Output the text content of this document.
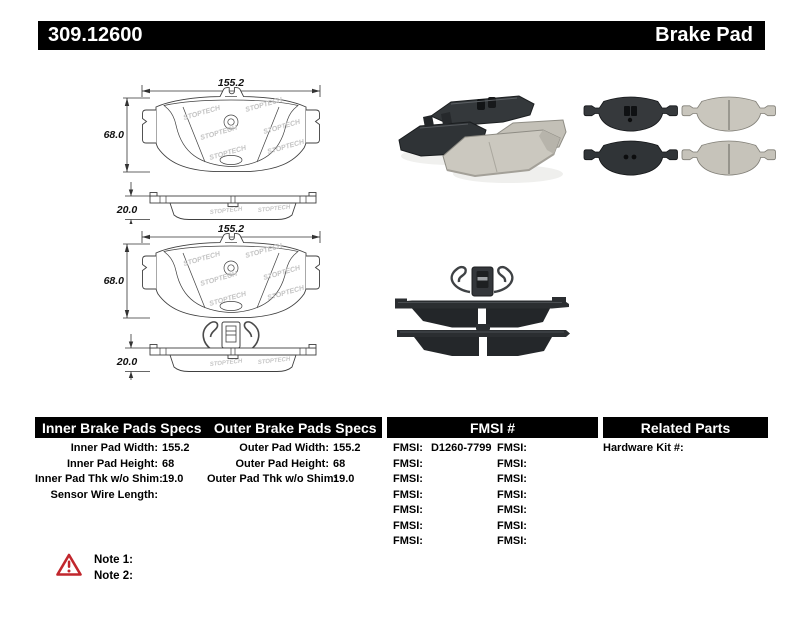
309.12600	Brake Pad
155.2
68.0
STOPTECH	STOPTECH
STOPTECH	STOPTECH
STOPTECH	STOPTECH
STOPTECH STOPTECH
20.0
155.2
68.0
STOPTECH	STOPTECH
STOPTECH	STOPTECH
STOPTECH	STOPTECH
STOPTECH STOPTECH
20.0
Inner Brake Pads Specs Outer Brake Pads Specs	FMSI #	Related Parts
Inner Pad Width: 155.2
Inner Pad Height: 68
Inner Pad Thk w/o Shim: 19.0
Sensor Wire Length:
Outer Pad Width: 155.2
Outer Pad Height: 68
Outer Pad Thk w/o Shim:
19.0
FMSI: D1260-7799
FMSI:
FMSI:
FMSI:
FMSI:
FMSI:
FMSI:
FMSI:
FMSI:
FMSI:
FMSI:
FMSI:
FMSI:
FMSI:
Hardware Kit #:
Note 1:
Note 2:
